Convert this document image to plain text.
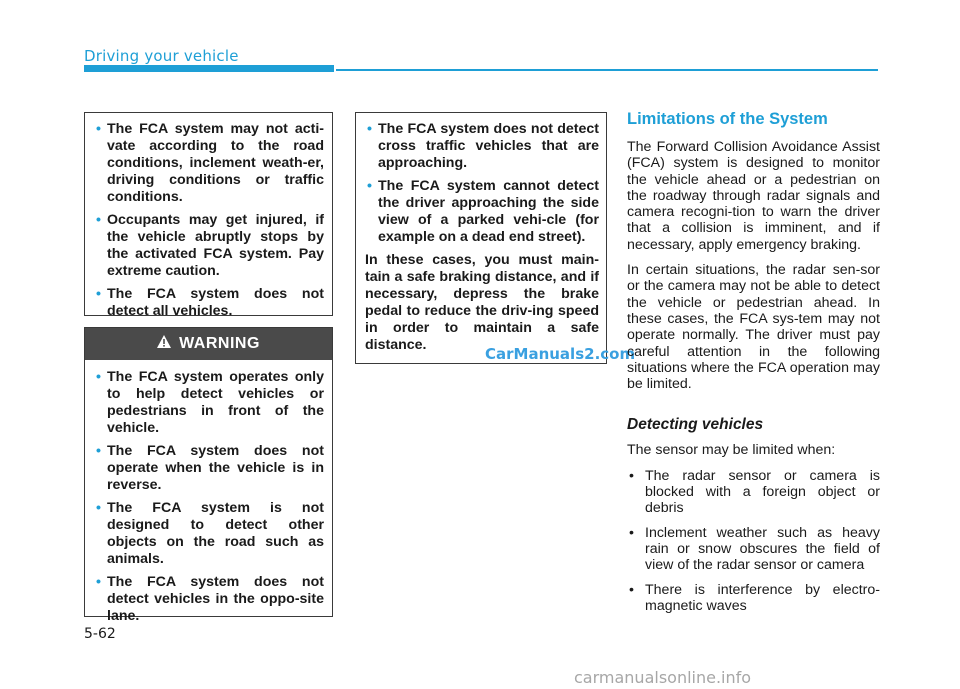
Driving your vehicle
• The FCA system may not acti-vate according to the road conditions, inclement weath-er, driving conditions or traffic conditions.
• Occupants may get injured, if the vehicle abruptly stops by the activated FCA system. Pay extreme caution.
• The FCA system does not detect all vehicles.
WARNING
• The FCA system operates only to help detect vehicles or pedestrians in front of the vehicle.
• The FCA system does not operate when the vehicle is in reverse.
• The FCA system is not designed to detect other objects on the road such as animals.
• The FCA system does not detect vehicles in the oppo-site lane.
• The FCA system does not detect cross traffic vehicles that are approaching.
• The FCA system cannot detect the driver approaching the side view of a parked vehi-cle (for example on a dead end street).
In these cases, you must main-tain a safe braking distance, and if necessary, depress the brake pedal to reduce the driv-ing speed in order to maintain a safe distance.	CarManuals2.com
Limitations of the System

The Forward Collision Avoidance Assist (FCA) system is designed to monitor the vehicle ahead or a pedestrian on the roadway through radar signals and camera recogni-tion to warn the driver that a collision is imminent, and if necessary, apply emergency braking.

In certain situations, the radar sen-sor or the camera may not be able to detect the vehicle or pedestrian ahead. In these cases, the FCA sys-tem may not operate normally. The driver must pay careful attention in the following situations where the FCA operation may be limited.

Detecting vehicles

The sensor may be limited when:

• The radar sensor or camera is blocked with a foreign object or debris
• Inclement weather such as heavy rain or snow obscures the field of view of the radar sensor or camera
• There is interference by electro-magnetic waves
5-62
carmanualsonline.info
